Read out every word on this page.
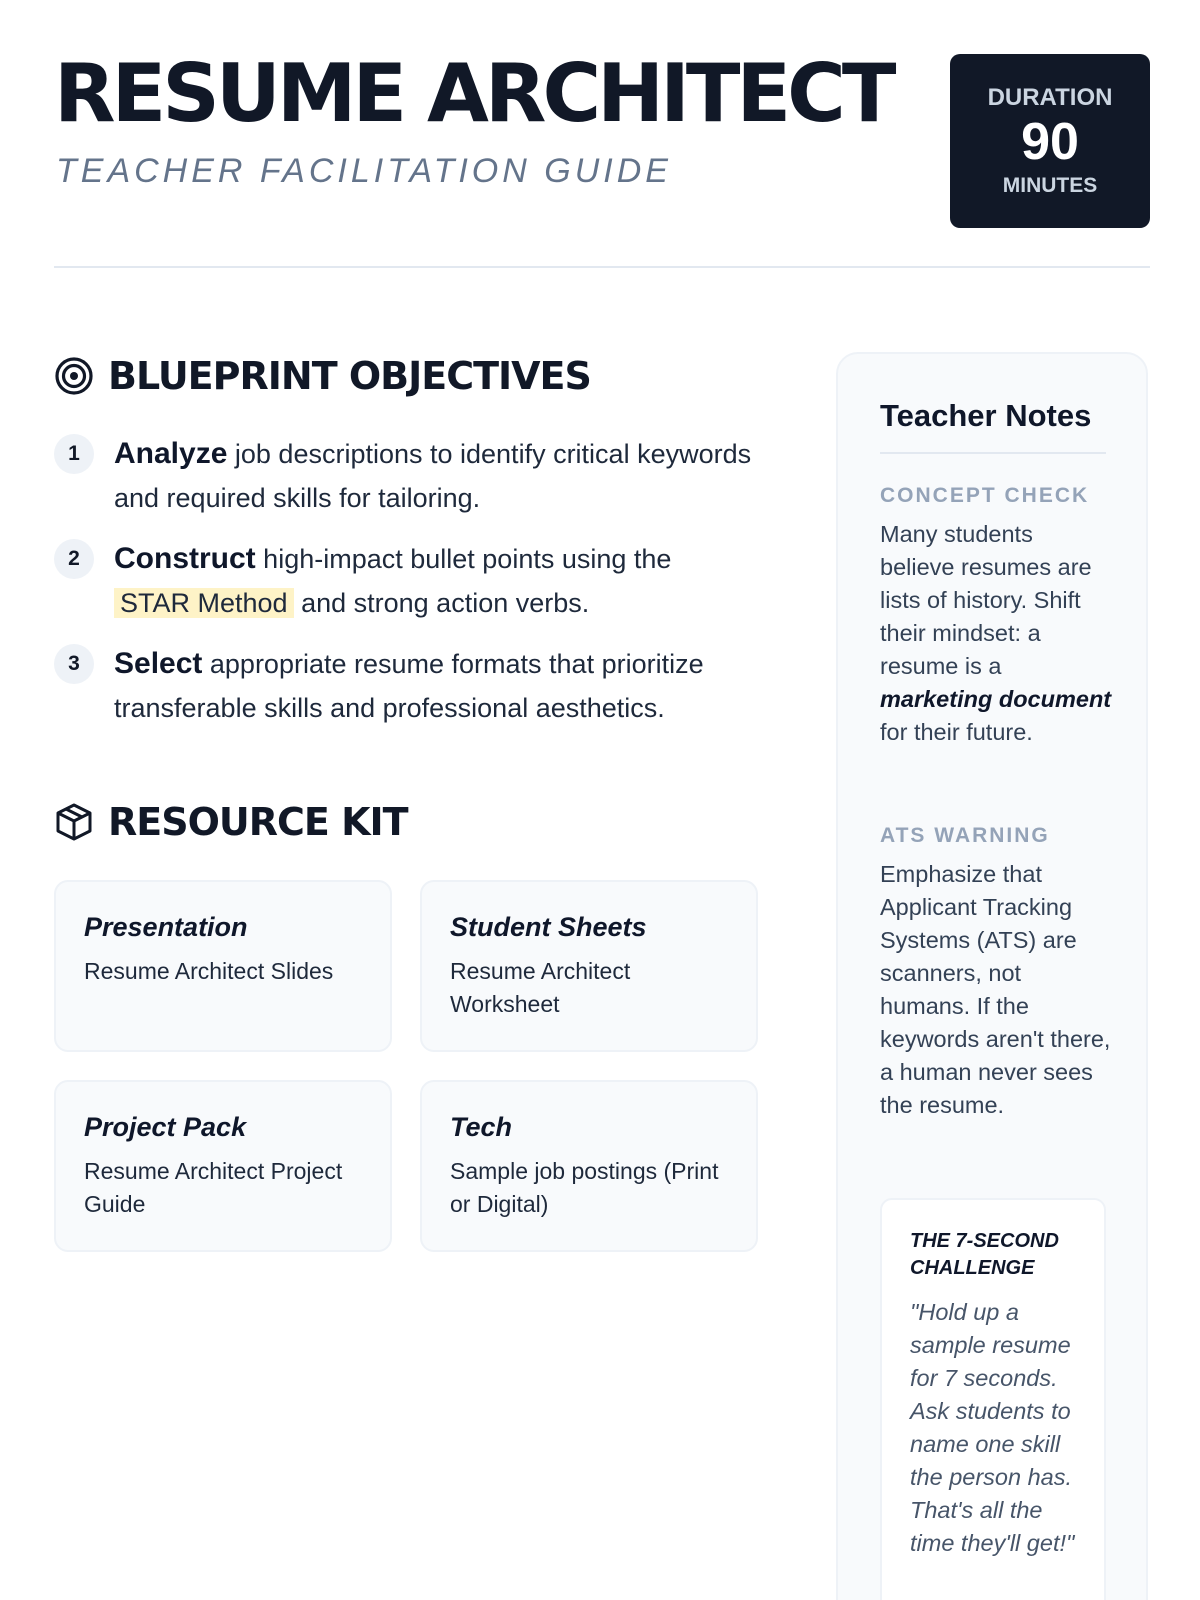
RESUME ARCHITECT
TEACHER FACILITATION GUIDE
DURATION
90
MINUTES
BLUEPRINT OBJECTIVES
1	Analyze job descriptions to identify critical keywords and required skills for tailoring.
2	Construct high-impact bullet points using the STAR Method and strong action verbs.
3	Select appropriate resume formats that prioritize transferable skills and professional aesthetics.
RESOURCE KIT
Presentation
Resume Architect Slides
Student Sheets
Resume Architect Worksheet
Project Pack
Resume Architect Project Guide
Tech
Sample job postings (Print or Digital)
Teacher Notes
CONCEPT CHECK
Many students believe resumes are lists of history. Shift their mindset: a resume is a marketing document for their future.
ATS WARNING
Emphasize that Applicant Tracking Systems (ATS) are scanners, not humans. If the keywords aren't there, a human never sees the resume.
THE 7-SECOND CHALLENGE
"Hold up a sample resume for 7 seconds. Ask students to name one skill the person has. That's all the time they'll get!"
